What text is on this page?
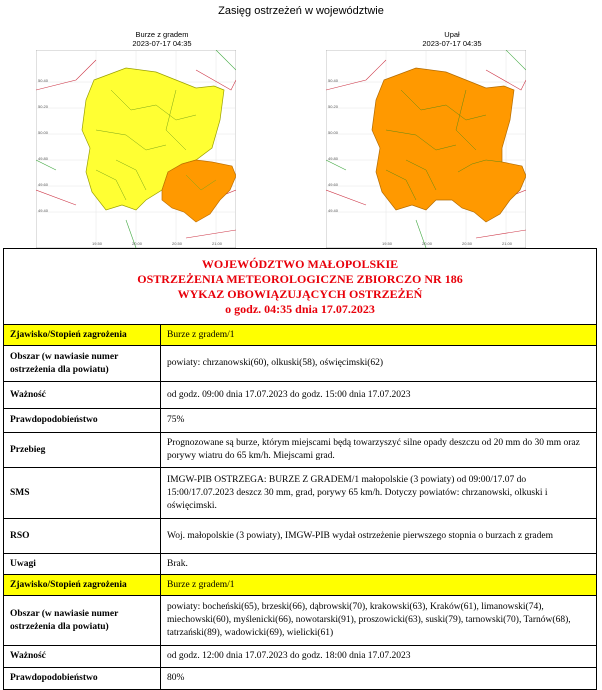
Zasięg ostrzeżeń w województwie
Burze z gradem
2023-07-17 04:35
50.40
50.20
50.00
49.80
49.60
49.40
19.50	20.00	20.50	21.00
Upał
2023-07-17 04:35
50.40
50.20
50.00
49.80
49.60
49.40
19.50	20.00	20.50	21.00
WOJEWÓDZTWO MAŁOPOLSKIE
OSTRZEŻENIA METEOROLOGICZNE ZBIORCZO NR 186
WYKAZ OBOWIĄZUJĄCYCH OSTRZEŻEŃ
o godz. 04:35 dnia 17.07.2023
Zjawisko/Stopień zagrożenia	Burze z gradem/1
Obszar (w nawiasie numer ostrzeżenia dla powiatu)	powiaty: chrzanowski(60), olkuski(58), oświęcimski(62)
Ważność	od godz. 09:00 dnia 17.07.2023 do godz. 15:00 dnia 17.07.2023
Prawdopodobieństwo	75%
Przebieg	Prognozowane są burze, którym miejscami będą towarzyszyć silne opady deszczu od 20 mm do 30 mm oraz porywy wiatru do 65 km/h. Miejscami grad.
SMS	IMGW-PIB OSTRZEGA: BURZE Z GRADEM/1 małopolskie (3 powiaty) od 09:00/17.07 do 15:00/17.07.2023 deszcz 30 mm, grad, porywy 65 km/h. Dotyczy powiatów: chrzanowski, olkuski i oświęcimski.
RSO	Woj. małopolskie (3 powiaty), IMGW-PIB wydał ostrzeżenie pierwszego stopnia o burzach z gradem
Uwagi	Brak.
Zjawisko/Stopień zagrożenia	Burze z gradem/1
Obszar (w nawiasie numer ostrzeżenia dla powiatu)	powiaty: bocheński(65), brzeski(66), dąbrowski(70), krakowski(63), Kraków(61), limanowski(74), miechowski(60), myślenicki(66), nowotarski(91), proszowicki(63), suski(79), tarnowski(70), Tarnów(68), tatrzański(89), wadowicki(69), wielicki(61)
Ważność	od godz. 12:00 dnia 17.07.2023 do godz. 18:00 dnia 17.07.2023
Prawdopodobieństwo	80%
